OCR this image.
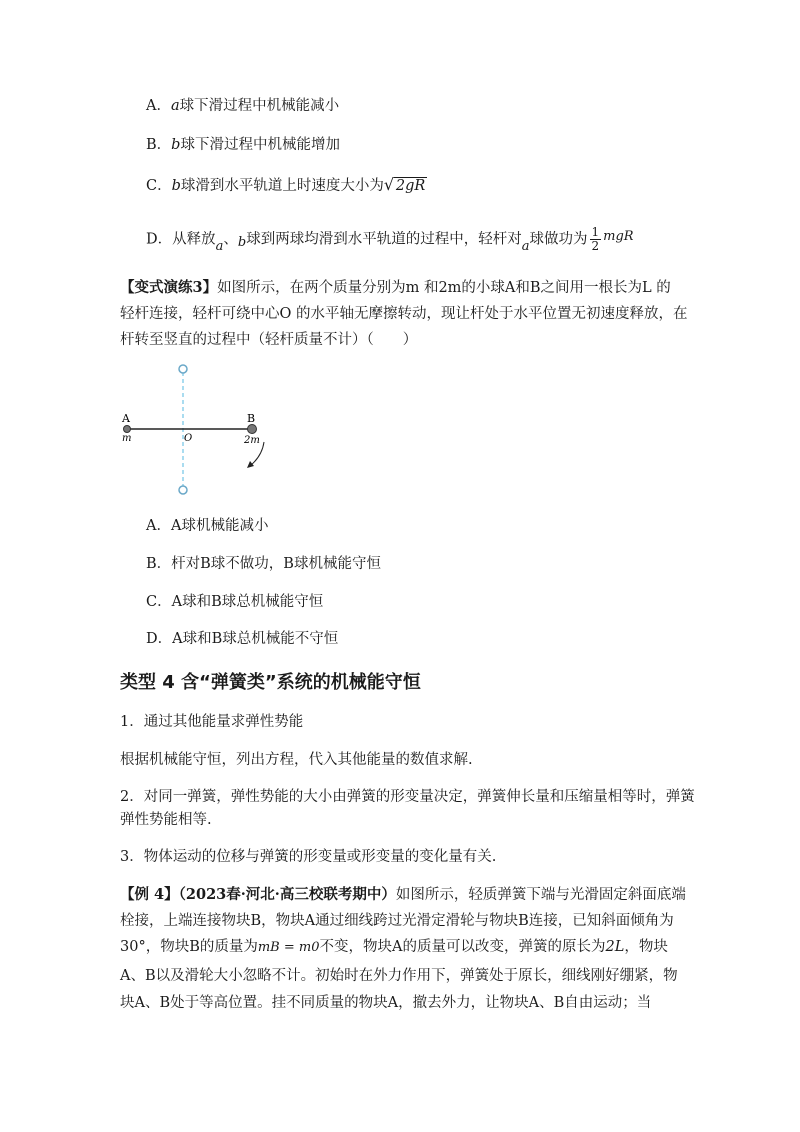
A．a球下滑过程中机械能减小
B．b球下滑过程中机械能增加
C．b球滑到水平轨道上时速度大小为 √ 2gR
D．从释放a、b球到两球均滑到水平轨道的过程中，轻杆对a球做功为 $\frac{1}{2}$ mgR
【变式演练3】如图所示，在两个质量分别为m 和2m的小球A和B之间用一根长为L 的
轻杆连接，轻杆可绕中心O 的水平轴无摩擦转动，现让杆处于水平位置无初速度释放，在
杆转至竖直的过程中（轻杆质量不计）（　　）
A	B
m	O	2m
A．A球机械能减小
B．杆对B球不做功，B球机械能守恒
C．A球和B球总机械能守恒
D．A球和B球总机械能不守恒
类型 4 含“弹簧类”系统的机械能守恒
1．通过其他能量求弹性势能
根据机械能守恒，列出方程，代入其他能量的数值求解.
2．对同一弹簧，弹性势能的大小由弹簧的形变量决定，弹簧伸长量和压缩量相等时，弹簧
弹性势能相等.
3．物体运动的位移与弹簧的形变量或形变量的变化量有关.
【例 4】（2023春·河北·高三校联考期中）如图所示，轻质弹簧下端与光滑固定斜面底端
栓接，上端连接物块B，物块A通过细线跨过光滑定滑轮与物块B连接，已知斜面倾角为
30°，物块B的质量为mB = m0不变，物块A的质量可以改变，弹簧的原长为2L，物块
A、B以及滑轮大小忽略不计。初始时在外力作用下，弹簧处于原长，细线刚好绷紧，物
块A、B处于等高位置。挂不同质量的物块A，撤去外力，让物块A、B自由运动；当
